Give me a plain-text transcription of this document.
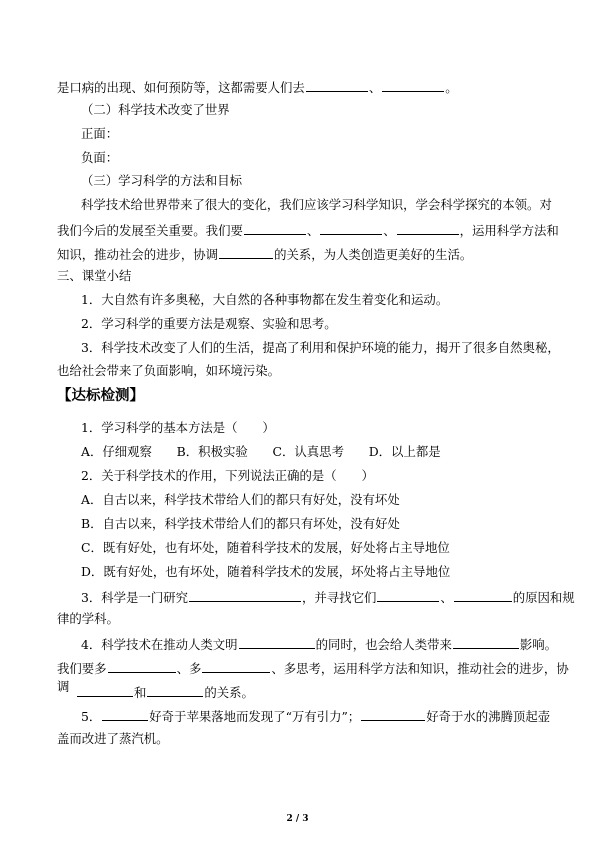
是口病的出现、如何预防等，这都需要人们去	、	。
（二）科学技术改变了世界
正面：
负面：
（三）学习科学的方法和目标
科学技术给世界带来了很大的变化，我们应该学习科学知识，学会科学探究的本领。对
我们今后的发展至关重要。我们要	、	、	，运用科学方法和
知识，推动社会的进步，协调	的关系，为人类创造更美好的生活。
三、课堂小结
1．大自然有许多奥秘，大自然的各种事物都在发生着变化和运动。
2．学习科学的重要方法是观察、实验和思考。
3．科学技术改变了人们的生活，提高了利用和保护环境的能力，揭开了很多自然奥秘，
也给社会带来了负面影响，如环境污染。
【达标检测】
1．学习科学的基本方法是（　　）
A．仔细观察　　B．积极实验　　C．认真思考　　D．以上都是
2．关于科学技术的作用，下列说法正确的是（　　）
A．自古以来，科学技术带给人们的都只有好处，没有坏处
B．自古以来，科学技术带给人们的都只有坏处，没有好处
C．既有好处，也有坏处，随着科学技术的发展，好处将占主导地位
D．既有好处，也有坏处，随着科学技术的发展，坏处将占主导地位
3．科学是一门研究	，并寻找它们	、	的原因和规
律的学科。
4．科学技术在推动人类文明	的同时，也会给人类带来	影响。
我们要多	、多	、多思考，运用科学方法和知识，推动社会的进步，协
调	和	的关系。
5．	好奇于苹果落地而发现了“万有引力”；	好奇于水的沸腾顶起壶
盖而改进了蒸汽机。
2 / 3
